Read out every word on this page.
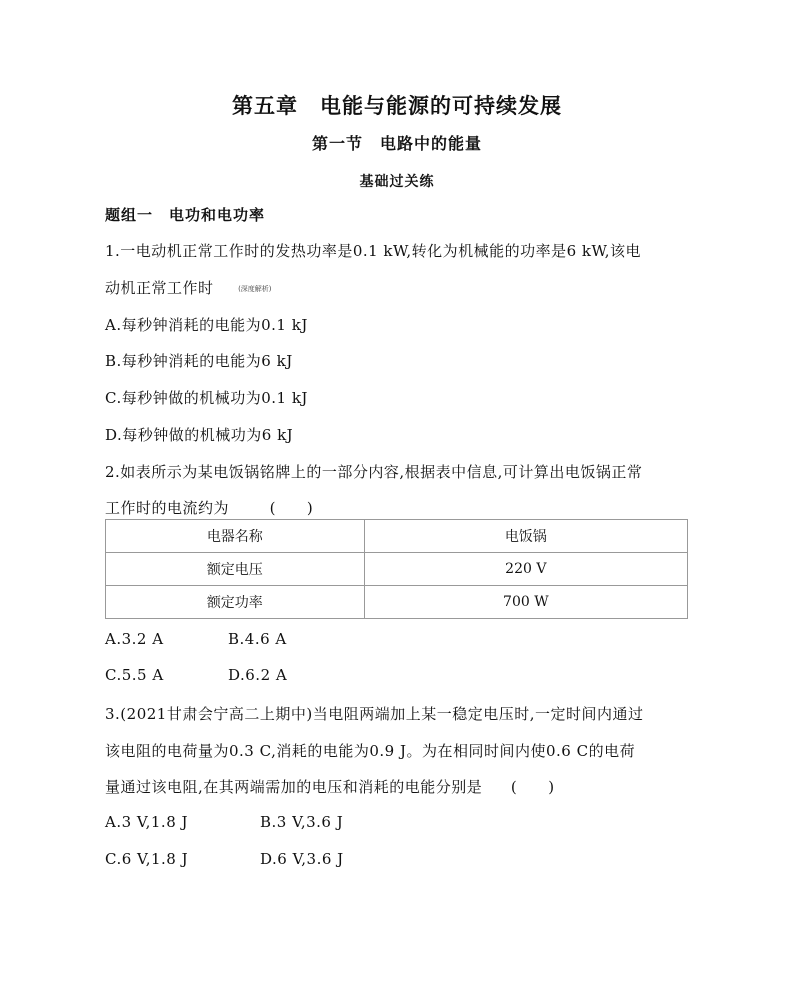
第五章　电能与能源的可持续发展
第一节　电路中的能量
基础过关练
题组一　电功和电功率
1.一电动机正常工作时的发热功率是0.1 kW,转化为机械能的功率是6 kW,该电
动机正常工作时	(深度解析)
A.每秒钟消耗的电能为0.1 kJ
B.每秒钟消耗的电能为6 kJ
C.每秒钟做的机械功为0.1 kJ
D.每秒钟做的机械功为6 kJ
2.如表所示为某电饭锅铭牌上的一部分内容,根据表中信息,可计算出电饭锅正常
工作时的电流约为	(　　)
电器名称	电饭锅
额定电压	220 V
额定功率	700 W
A.3.2 A	B.4.6 A
C.5.5 A	D.6.2 A
3.(2021甘肃会宁高二上期中)当电阻两端加上某一稳定电压时,一定时间内通过
该电阻的电荷量为0.3 C,消耗的电能为0.9 J。为在相同时间内使0.6 C的电荷
量通过该电阻,在其两端需加的电压和消耗的电能分别是 (　　)
A.3 V,1.8 J	B.3 V,3.6 J
C.6 V,1.8 J	D.6 V,3.6 J
